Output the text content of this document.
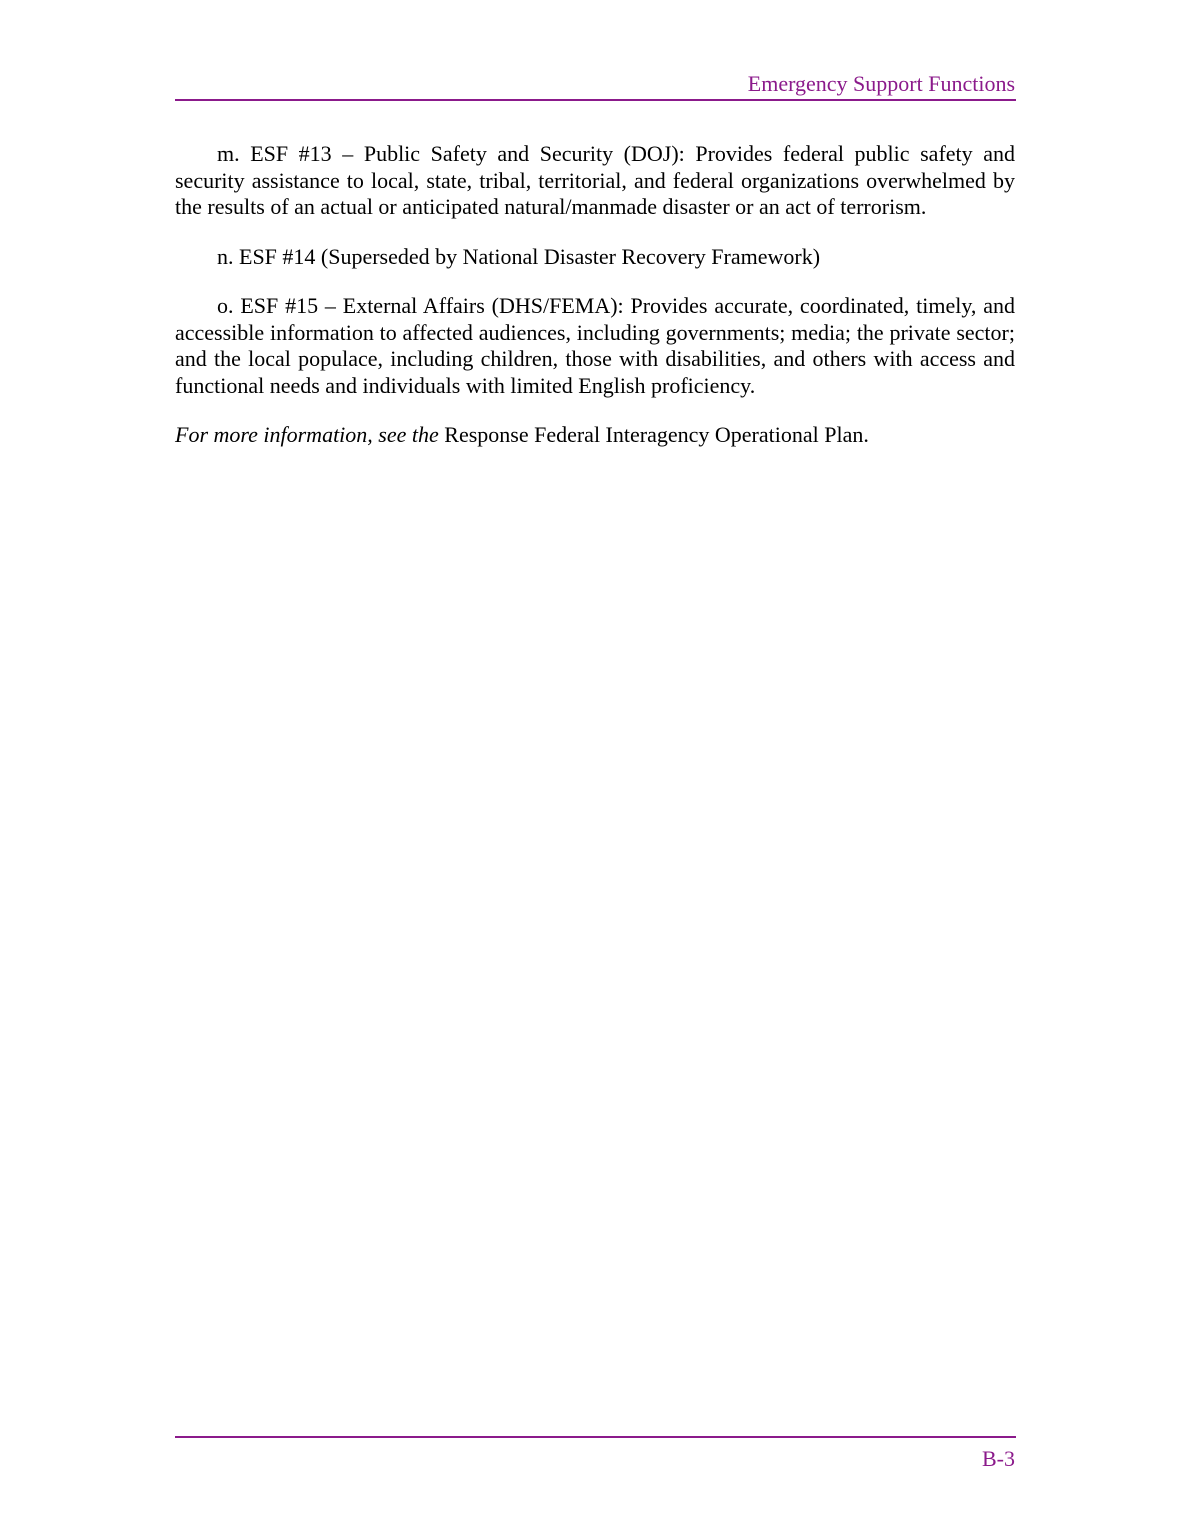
Emergency Support Functions

m. ESF #13 – Public Safety and Security (DOJ): Provides federal public safety and security assistance to local, state, tribal, territorial, and federal organizations overwhelmed by the results of an actual or anticipated natural/manmade disaster or an act of terrorism.

n. ESF #14 (Superseded by National Disaster Recovery Framework)

o. ESF #15 – External Affairs (DHS/FEMA): Provides accurate, coordinated, timely, and accessible information to affected audiences, including governments; media; the private sector; and the local populace, including children, those with disabilities, and others with access and functional needs and individuals with limited English proficiency.

For more information, see the Response Federal Interagency Operational Plan.

B-3
